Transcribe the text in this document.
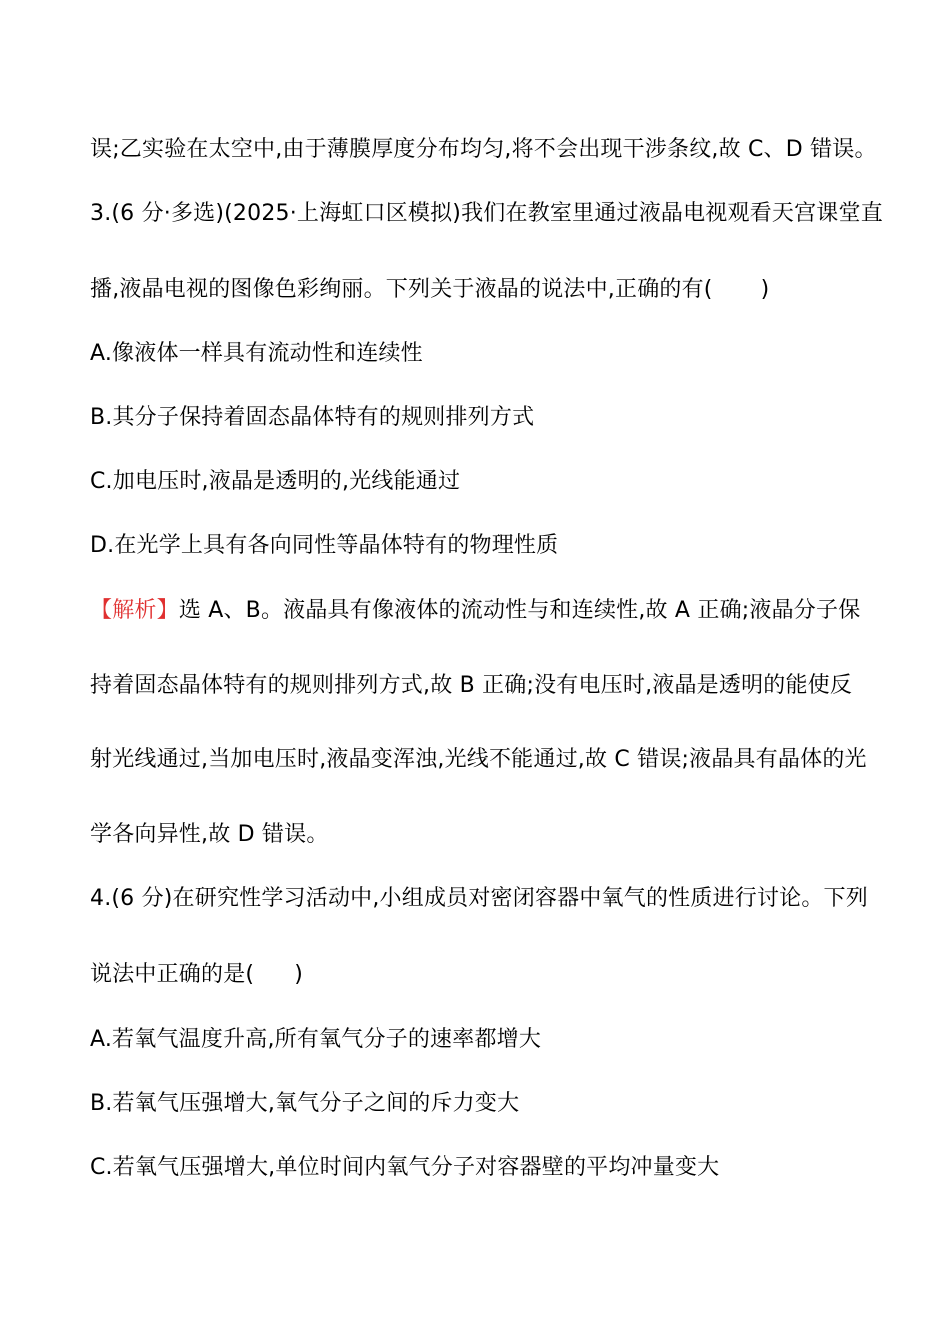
误;乙实验在太空中,由于薄膜厚度分布均匀,将不会出现干涉条纹,故 C、D 错误。
3.(6 分·多选)(2025·上海虹口区模拟)我们在教室里通过液晶电视观看天宫课堂直
播,液晶电视的图像色彩绚丽。下列关于液晶的说法中,正确的有( )
A.像液体一样具有流动性和连续性
B.其分子保持着固态晶体特有的规则排列方式
C.加电压时,液晶是透明的,光线能通过
D.在光学上具有各向同性等晶体特有的物理性质
【解析】选 A、B。液晶具有像液体的流动性与和连续性,故 A 正确;液晶分子保
持着固态晶体特有的规则排列方式,故 B 正确;没有电压时,液晶是透明的能使反
射光线通过,当加电压时,液晶变浑浊,光线不能通过,故 C 错误;液晶具有晶体的光
学各向异性,故 D 错误。
4.(6 分)在研究性学习活动中,小组成员对密闭容器中氧气的性质进行讨论。下列
说法中正确的是( )
A.若氧气温度升高,所有氧气分子的速率都增大
B.若氧气压强增大,氧气分子之间的斥力变大
C.若氧气压强增大,单位时间内氧气分子对容器壁的平均冲量变大
